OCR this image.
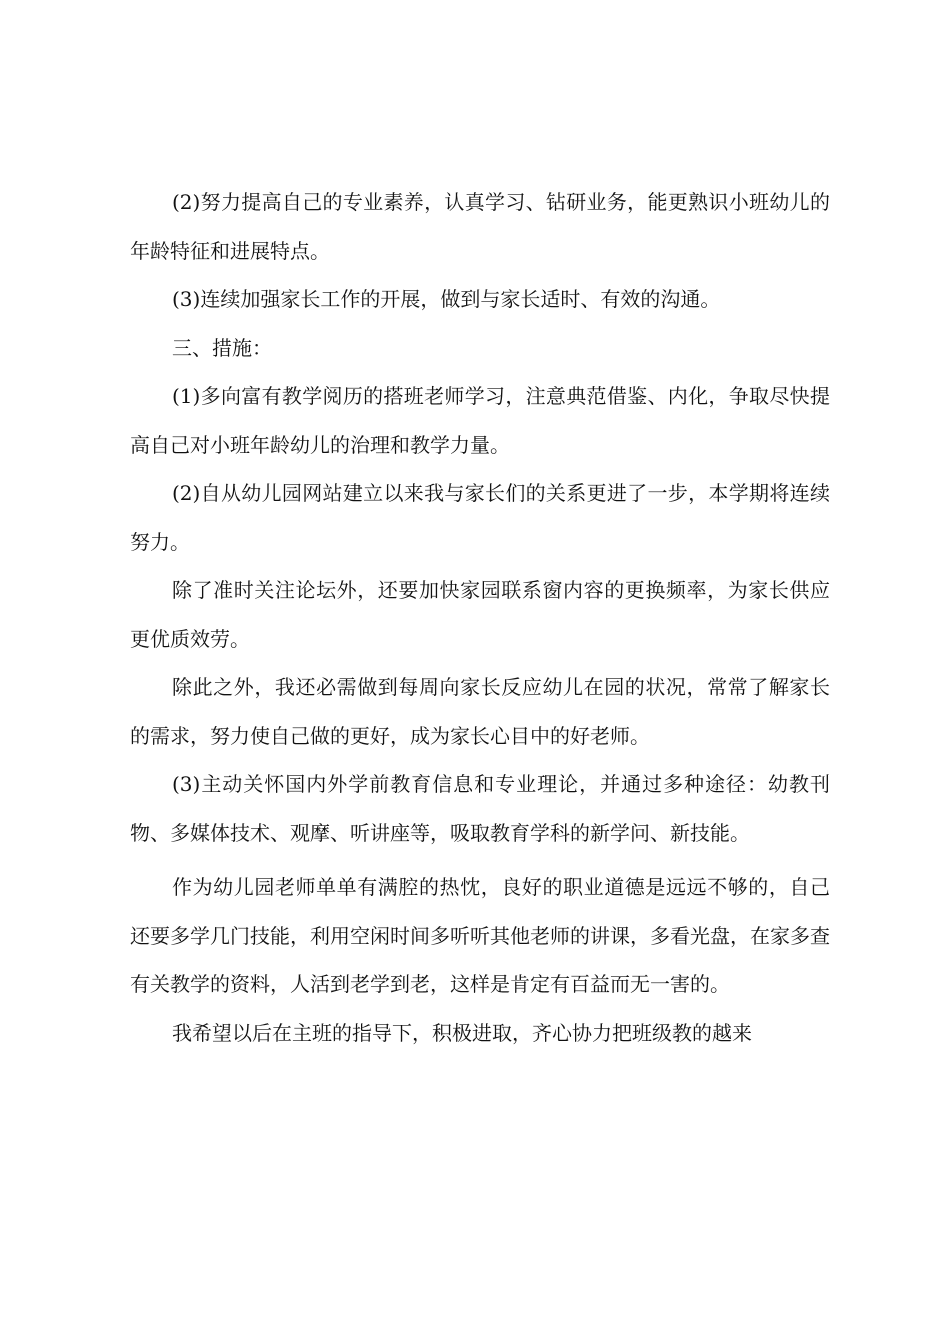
(2)努力提高自己的专业素养，认真学习、钻研业务，能更熟识小班幼儿的年龄特征和进展特点。

(3)连续加强家长工作的开展，做到与家长适时、有效的沟通。

三、措施：

(1)多向富有教学阅历的搭班老师学习，注意典范借鉴、内化，争取尽快提高自己对小班年龄幼儿的治理和教学力量。

(2)自从幼儿园网站建立以来我与家长们的关系更进了一步，本学期将连续努力。

除了准时关注论坛外，还要加快家园联系窗内容的更换频率，为家长供应更优质效劳。

除此之外，我还必需做到每周向家长反应幼儿在园的状况，常常了解家长的需求，努力使自己做的更好，成为家长心目中的好老师。

(3)主动关怀国内外学前教育信息和专业理论，并通过多种途径：幼教刊物、多媒体技术、观摩、听讲座等，吸取教育学科的新学问、新技能。

作为幼儿园老师单单有满腔的热忱，良好的职业道德是远远不够的，自己还要多学几门技能，利用空闲时间多听听其他老师的讲课，多看光盘，在家多查有关教学的资料，人活到老学到老，这样是肯定有百益而无一害的。

我希望以后在主班的指导下，积极进取，齐心协力把班级教的越来
